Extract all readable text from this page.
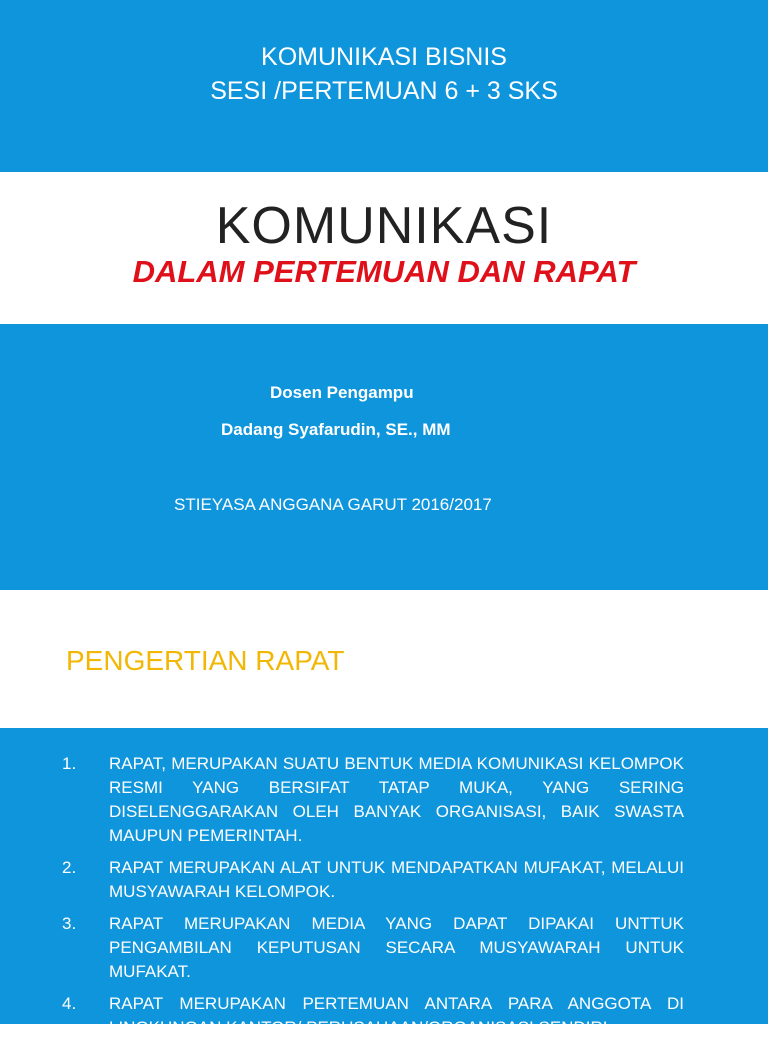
KOMUNIKASI BISNIS
SESI /PERTEMUAN 6 + 3 SKS
KOMUNIKASI
DALAM PERTEMUAN DAN RAPAT
Dosen Pengampu
Dadang Syafarudin, SE., MM
STIEYASA ANGGANA GARUT 2016/2017
PENGERTIAN RAPAT
1. RAPAT, MERUPAKAN SUATU BENTUK MEDIA KOMUNIKASI KELOMPOK RESMI YANG BERSIFAT TATAP MUKA, YANG SERING DISELENGGARAKAN OLEH BANYAK ORGANISASI, BAIK SWASTA MAUPUN PEMERINTAH.
2. RAPAT MERUPAKAN ALAT UNTUK MENDAPATKAN MUFAKAT, MELALUI MUSYAWARAH KELOMPOK.
3. RAPAT MERUPAKAN MEDIA YANG DAPAT DIPAKAI UNTTUK PENGAMBILAN KEPUTUSAN SECARA MUSYAWARAH UNTUK MUFAKAT.
4. RAPAT MERUPAKAN PERTEMUAN ANTARA PARA ANGGOTA DI LINGKUNGAN KANTOR/ PERUSAHAAN/ORGANISASI SENDIRI
